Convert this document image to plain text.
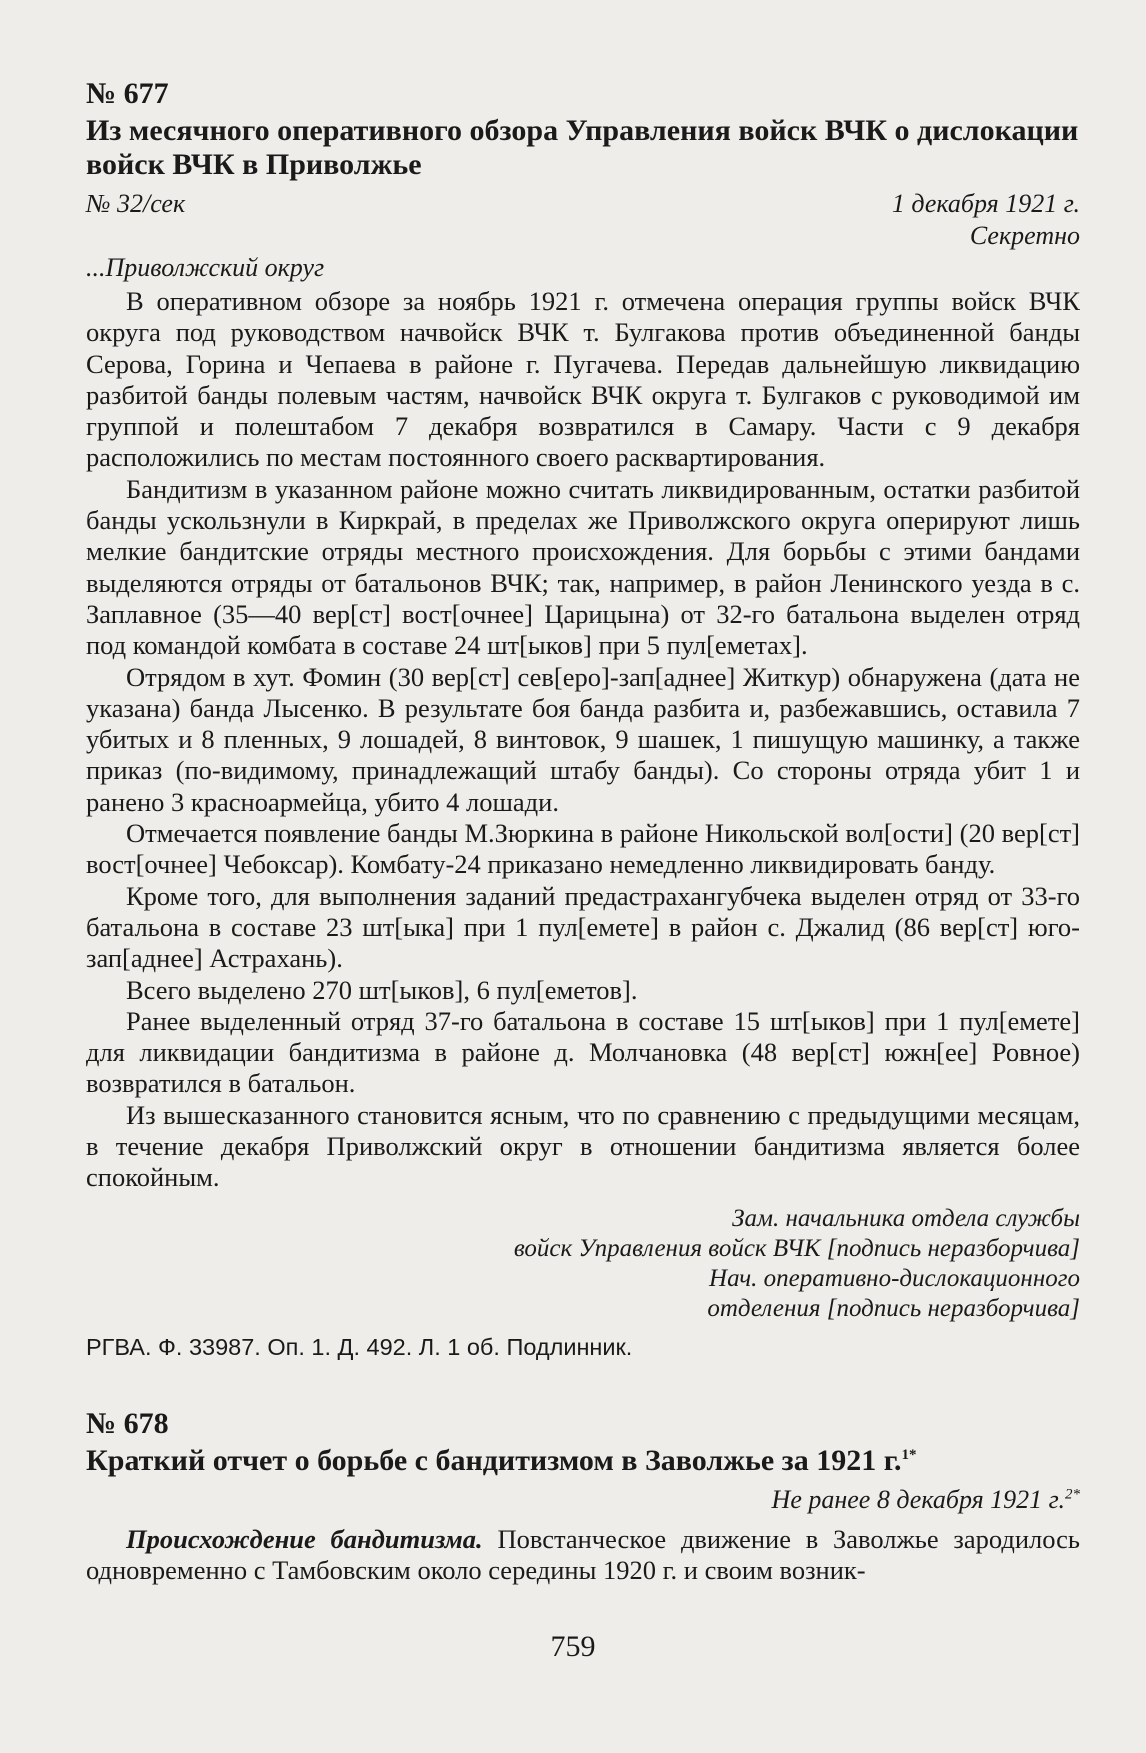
№ 677
Из месячного оперативного обзора Управления войск ВЧК о дислокации войск ВЧК в Приволжье
№ 32/сек	1 декабря 1921 г.
Секретно
...Приволжский округ

В оперативном обзоре за ноябрь 1921 г. отмечена операция группы войск ВЧК округа под руководством начвойск ВЧК т. Булгакова против объединенной банды Серова, Горина и Чепаева в районе г. Пугачева. Передав дальнейшую ликвидацию разбитой банды полевым частям, начвойск ВЧК округа т. Булгаков с руководимой им группой и полештабом 7 декабря возвратился в Самару. Части с 9 декабря расположились по местам постоянного своего расквартирования.

Бандитизм в указанном районе можно считать ликвидированным, остатки разбитой банды ускользнули в Киркрай, в пределах же Приволжского округа оперируют лишь мелкие бандитские отряды местного происхождения. Для борьбы с этими бандами выделяются отряды от батальонов ВЧК; так, например, в район Ленинского уезда в с. Заплавное (35—40 вер[ст] вост[очнее] Царицына) от 32-го батальона выделен отряд под командой комбата в составе 24 шт[ыков] при 5 пул[еметах].

Отрядом в хут. Фомин (30 вер[ст] сев[еро]-зап[аднее] Житкур) обнаружена (дата не указана) банда Лысенко. В результате боя банда разбита и, разбежавшись, оставила 7 убитых и 8 пленных, 9 лошадей, 8 винтовок, 9 шашек, 1 пишущую машинку, а также приказ (по-видимому, принадлежащий штабу банды). Со стороны отряда убит 1 и ранено 3 красноармейца, убито 4 лошади.

Отмечается появление банды М.Зюркина в районе Никольской вол[ости] (20 вер[ст] вост[очнее] Чебоксар). Комбату-24 приказано немедленно ликвидировать банду.

Кроме того, для выполнения заданий предастрахангубчека выделен отряд от 33-го батальона в составе 23 шт[ыка] при 1 пул[емете] в район с. Джалид (86 вер[ст] юго-зап[аднее] Астрахань).

Всего выделено 270 шт[ыков], 6 пул[еметов].

Ранее выделенный отряд 37-го батальона в составе 15 шт[ыков] при 1 пул[емете] для ликвидации бандитизма в районе д. Молчановка (48 вер[ст] южн[ее] Ровное) возвратился в батальон.

Из вышесказанного становится ясным, что по сравнению с предыдущими месяцам, в течение декабря Приволжский округ в отношении бандитизма является более спокойным.

Зам. начальника отдела службы
войск Управления войск ВЧК [подпись неразборчива]
Нач. оперативно-дислокационного
отделения [подпись неразборчива]
РГВА. Ф. 33987. Оп. 1. Д. 492. Л. 1 об. Подлинник.
№ 678
Краткий отчет о борьбе с бандитизмом в Заволжье за 1921 г.$^{1*}$
Не ранее 8 декабря 1921 г.$^{2*}$

Происхождение бандитизма. Повстанческое движение в Заволжье зародилось одновременно с Тамбовским около середины 1920 г. и своим возник-

759
